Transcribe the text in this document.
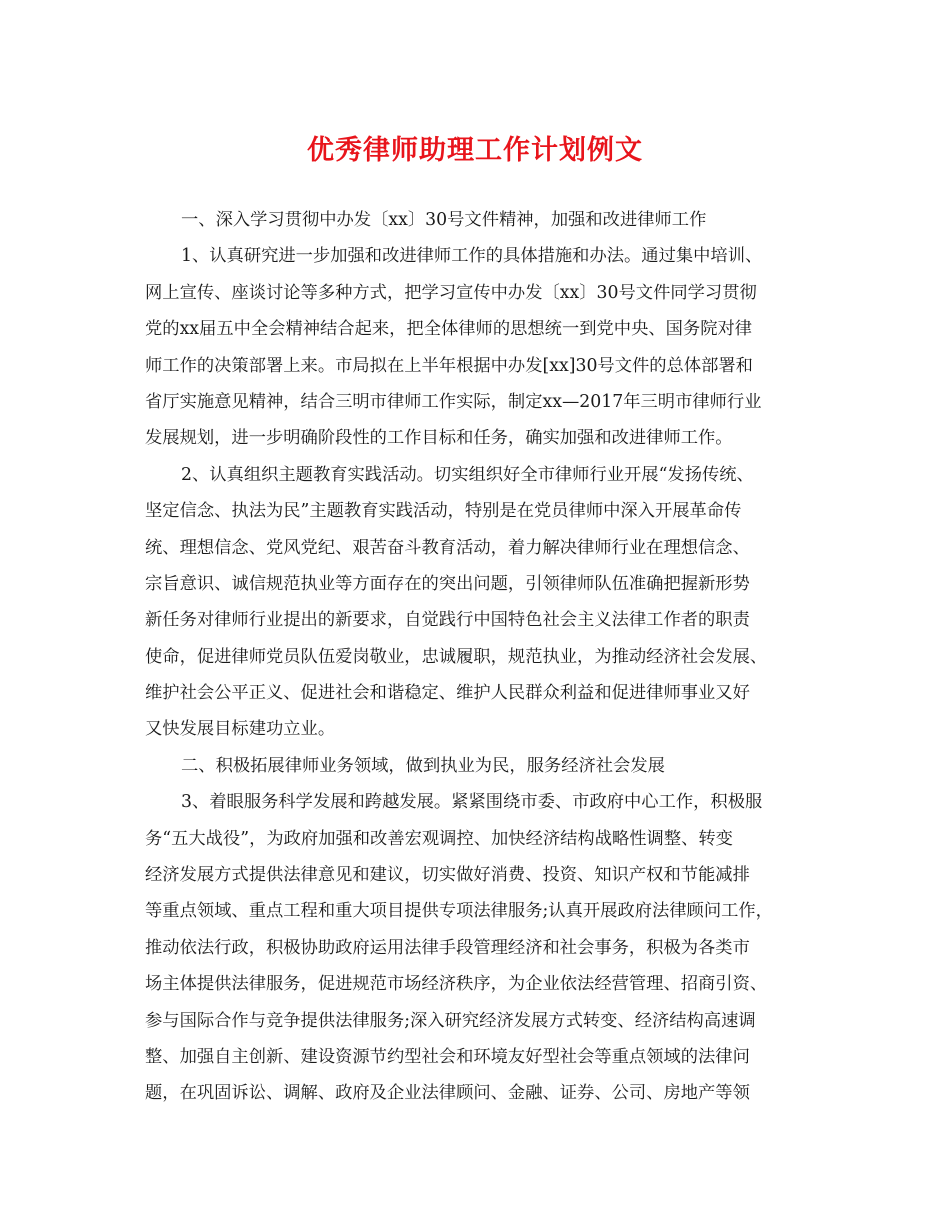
优秀律师助理工作计划例文
一、深入学习贯彻中办发〔xx〕30号文件精神，加强和改进律师工作
1、认真研究进一步加强和改进律师工作的具体措施和办法。通过集中培训、
网上宣传、座谈讨论等多种方式，把学习宣传中办发〔xx〕30号文件同学习贯彻
党的xx届五中全会精神结合起来，把全体律师的思想统一到党中央、国务院对律
师工作的决策部署上来。市局拟在上半年根据中办发[xx]30号文件的总体部署和
省厅实施意见精神，结合三明市律师工作实际，制定xx—2017年三明市律师行业
发展规划，进一步明确阶段性的工作目标和任务，确实加强和改进律师工作。
2、认真组织主题教育实践活动。切实组织好全市律师行业开展“发扬传统、
坚定信念、执法为民”主题教育实践活动，特别是在党员律师中深入开展革命传
统、理想信念、党风党纪、艰苦奋斗教育活动，着力解决律师行业在理想信念、
宗旨意识、诚信规范执业等方面存在的突出问题，引领律师队伍准确把握新形势
新任务对律师行业提出的新要求，自觉践行中国特色社会主义法律工作者的职责
使命，促进律师党员队伍爱岗敬业，忠诚履职，规范执业，为推动经济社会发展、
维护社会公平正义、促进社会和谐稳定、维护人民群众利益和促进律师事业又好
又快发展目标建功立业。
二、积极拓展律师业务领域，做到执业为民，服务经济社会发展
3、着眼服务科学发展和跨越发展。紧紧围绕市委、市政府中心工作，积极服
务“五大战役”，为政府加强和改善宏观调控、加快经济结构战略性调整、转变
经济发展方式提供法律意见和建议，切实做好消费、投资、知识产权和节能减排
等重点领域、重点工程和重大项目提供专项法律服务;认真开展政府法律顾问工作，
推动依法行政，积极协助政府运用法律手段管理经济和社会事务，积极为各类市
场主体提供法律服务，促进规范市场经济秩序，为企业依法经营管理、招商引资、
参与国际合作与竞争提供法律服务;深入研究经济发展方式转变、经济结构高速调
整、加强自主创新、建设资源节约型社会和环境友好型社会等重点领域的法律问
题，在巩固诉讼、调解、政府及企业法律顾问、金融、证券、公司、房地产等领
